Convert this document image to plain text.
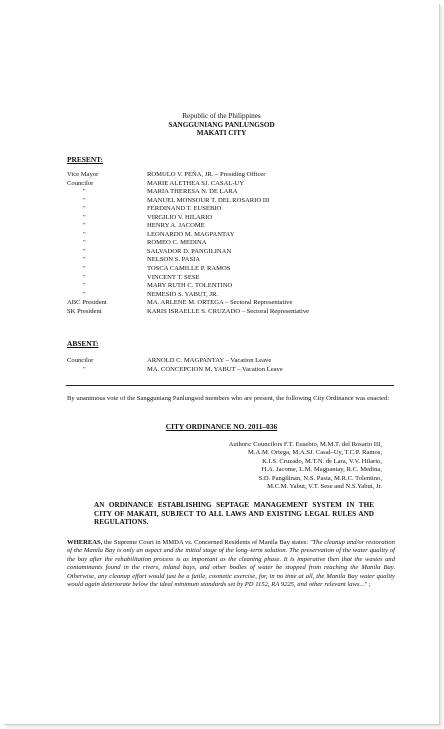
Republic of the Philippines
SANGGUNIANG PANLUNGSOD
MAKATI CITY
PRESENT:
Vice Mayor	ROMULO V. PEÑA, JR. – Presiding Officer
Councilor	MARIE ALETHEA SJ. CASAL-UY
"	MARIA THERESA N. DE LARA
"	MANUEL MONSOUR T. DEL ROSARIO III
"	FERDINAND T. EUSEBIO
"	VIRGILIO V. HILARIO
"	HENRY A. JACOME
"	LEONARDO M. MAGPANTAY
"	ROMEO C. MEDINA
"	SALVADOR D. PANGILINAN
"	NELSON S. PASIA
"	TOSCA CAMILLE P. RAMOS
"	VINCENT T. SESE
"	MARY RUTH C. TOLENTINO
"	NEMESIO S. YABUT, JR.
ABC President	MA. ARLENE M. ORTEGA – Sectoral Representative
SK President	KARIS ISRAELLE S. CRUZADO – Sectoral Representative
ABSENT:
Councilor	ARNOLD C. MAGPANTAY – Vacation Leave
"	MA. CONCEPCION M. YABUT – Vacation Leave
By unanimous vote of the Sangguniang Panlungsod members who are present, the following City Ordinance was enacted:
CITY ORDINANCE NO. 2011–036
Authors: Councilors F.T. Eusebio, M.M.T. del Rosario III,
M.A.M. Ortega, M.A.SJ. Casal–Uy, T.C.P. Ramos,
K.I.S. Cruzado, M.T.N. de Lara, V.V. Hilario,
H.A. Jacome, L.M. Magpantay, R.C. Medina,
S.D. Pangilinan, N.S. Pasia, M.R.C. Tolentino,
M.C.M. Yabut, V.T. Sese and N.S.Yabut, Jr.
AN ORDINANCE ESTABLISHING SEPTAGE MANAGEMENT SYSTEM IN THE CITY OF MAKATI, SUBJECT TO ALL LAWS AND EXISTING LEGAL RULES AND REGULATIONS.
WHEREAS, the Supreme Court in MMDA vs. Concerned Residents of Manila Bay states: "The cleanup and/or restoration of the Manila Bay is only an aspect and the initial stage of the long–term solution. The preservation of the water quality of the bay after the rehabilitation process is as important as the cleaning phase. It is imperative then that the wastes and contaminants found in the rivers, inland bays, and other bodies of water be stopped from reaching the Manila Bay. Otherwise, any cleanup effort would just be a futile, cosmetic exercise, for, in no time at all, the Manila Bay water quality would again deteriorate below the ideal minimum standards set by PD 1152, RA 9225, and other relevant laws..." ;
